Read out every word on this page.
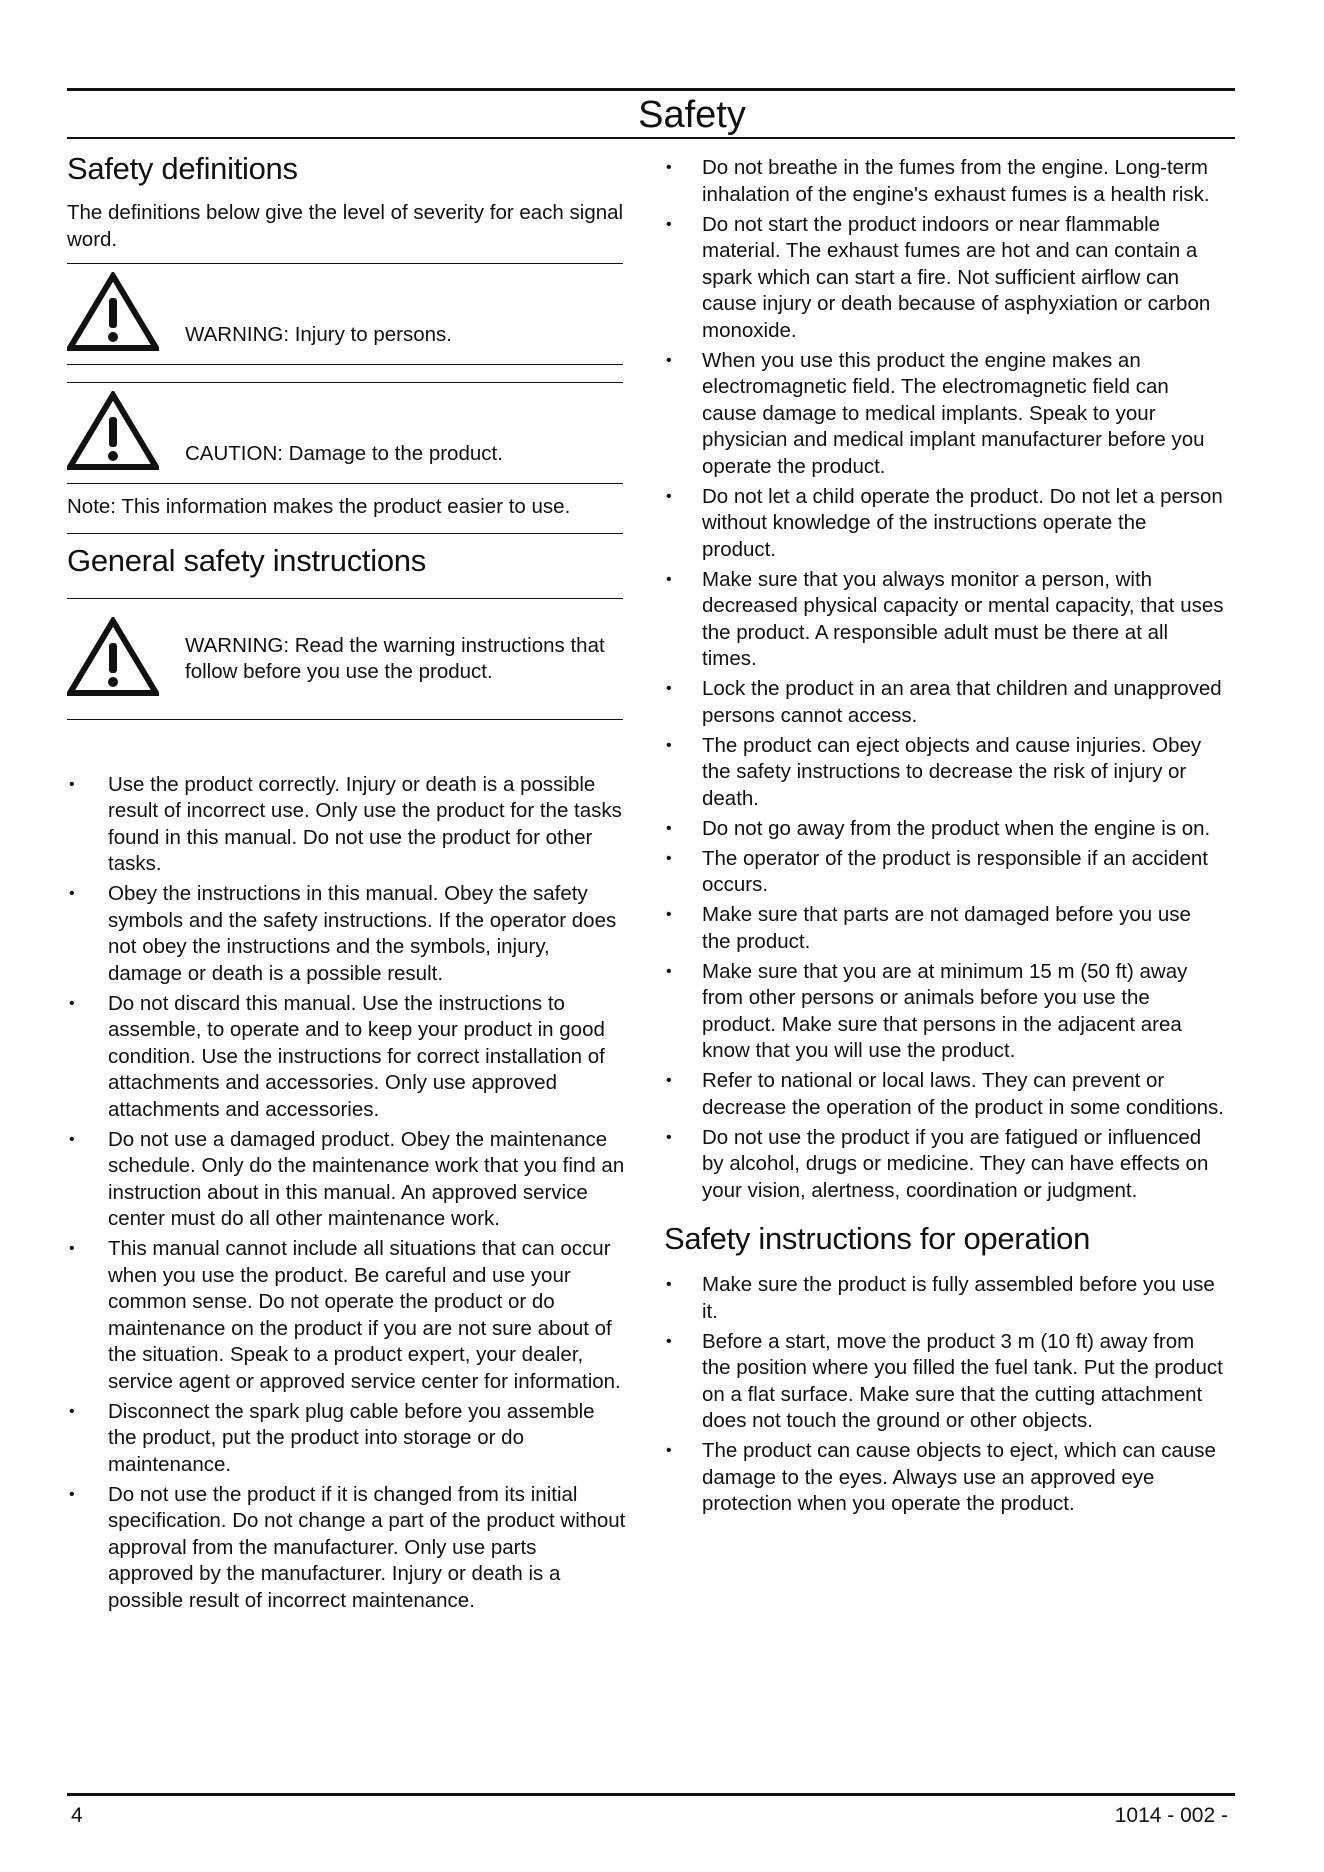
Safety
Safety definitions
The definitions below give the level of severity for each signal word.
WARNING: Injury to persons.
CAUTION: Damage to the product.
Note: This information makes the product easier to use.
General safety instructions
WARNING: Read the warning instructions that follow before you use the product.
• Use the product correctly. Injury or death is a possible result of incorrect use. Only use the product for the tasks found in this manual. Do not use the product for other tasks.
• Obey the instructions in this manual. Obey the safety symbols and the safety instructions. If the operator does not obey the instructions and the symbols, injury, damage or death is a possible result.
• Do not discard this manual. Use the instructions to assemble, to operate and to keep your product in good condition. Use the instructions for correct installation of attachments and accessories. Only use approved attachments and accessories.
• Do not use a damaged product. Obey the maintenance schedule. Only do the maintenance work that you find an instruction about in this manual. An approved service center must do all other maintenance work.
• This manual cannot include all situations that can occur when you use the product. Be careful and use your common sense. Do not operate the product or do maintenance on the product if you are not sure about of the situation. Speak to a product expert, your dealer, service agent or approved service center for information.
• Disconnect the spark plug cable before you assemble the product, put the product into storage or do maintenance.
• Do not use the product if it is changed from its initial specification. Do not change a part of the product without approval from the manufacturer. Only use parts approved by the manufacturer. Injury or death is a possible result of incorrect maintenance.
• Do not breathe in the fumes from the engine. Long-term inhalation of the engine's exhaust fumes is a health risk.
• Do not start the product indoors or near flammable material. The exhaust fumes are hot and can contain a spark which can start a fire. Not sufficient airflow can cause injury or death because of asphyxiation or carbon monoxide.
• When you use this product the engine makes an electromagnetic field. The electromagnetic field can cause damage to medical implants. Speak to your physician and medical implant manufacturer before you operate the product.
• Do not let a child operate the product. Do not let a person without knowledge of the instructions operate the product.
• Make sure that you always monitor a person, with decreased physical capacity or mental capacity, that uses the product. A responsible adult must be there at all times.
• Lock the product in an area that children and unapproved persons cannot access.
• The product can eject objects and cause injuries. Obey the safety instructions to decrease the risk of injury or death.
• Do not go away from the product when the engine is on.
• The operator of the product is responsible if an accident occurs.
• Make sure that parts are not damaged before you use the product.
• Make sure that you are at minimum 15 m (50 ft) away from other persons or animals before you use the product. Make sure that persons in the adjacent area know that you will use the product.
• Refer to national or local laws. They can prevent or decrease the operation of the product in some conditions.
• Do not use the product if you are fatigued or influenced by alcohol, drugs or medicine. They can have effects on your vision, alertness, coordination or judgment.
Safety instructions for operation
• Make sure the product is fully assembled before you use it.
• Before a start, move the product 3 m (10 ft) away from the position where you filled the fuel tank. Put the product on a flat surface. Make sure that the cutting attachment does not touch the ground or other objects.
• The product can cause objects to eject, which can cause damage to the eyes. Always use an approved eye protection when you operate the product.
4	1014 - 002 -
